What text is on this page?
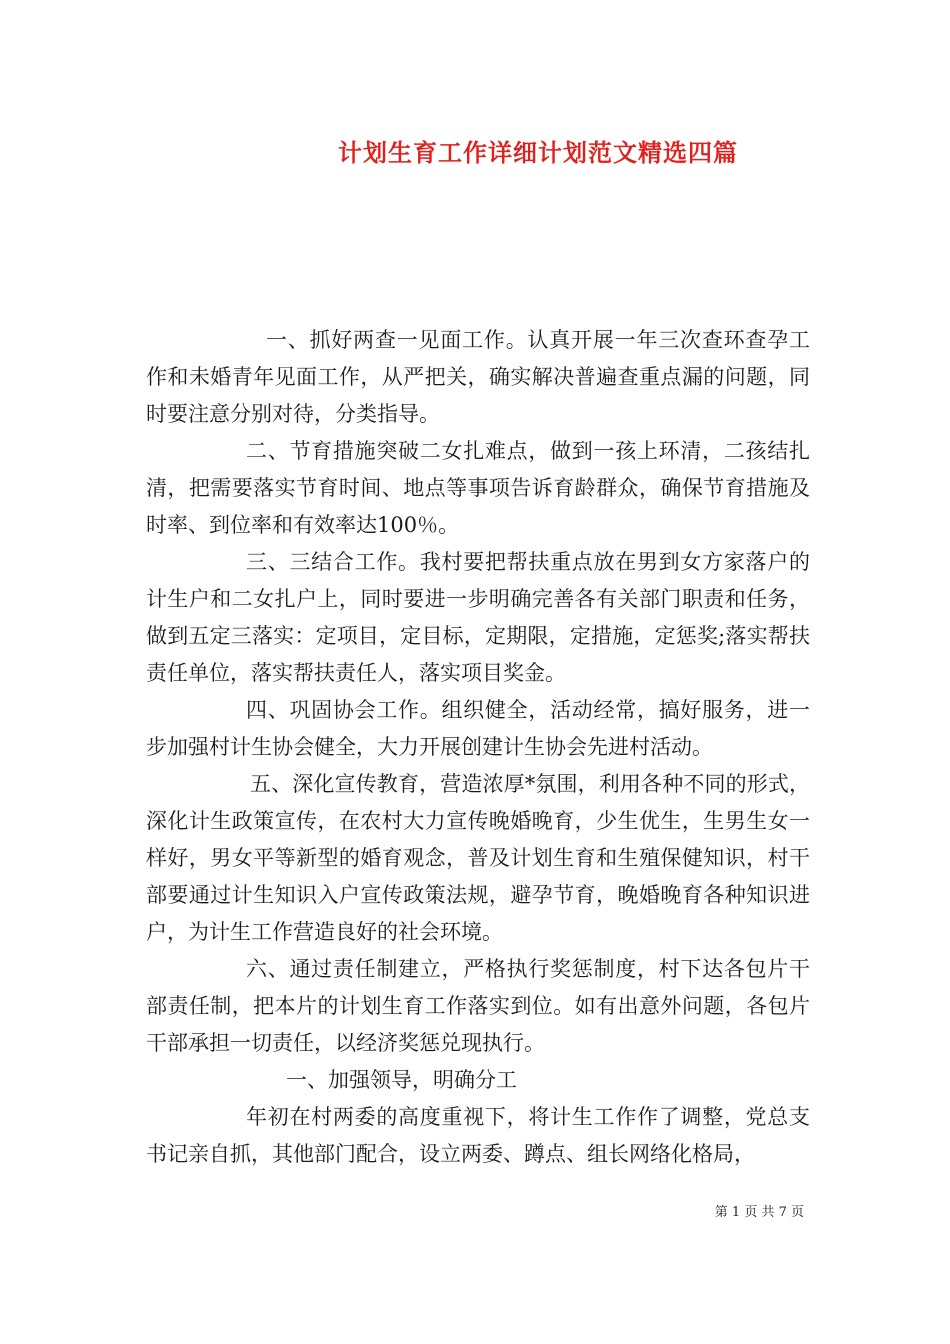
计划生育工作详细计划范文精选四篇

一、抓好两查一见面工作。认真开展一年三次查环查孕工作和未婚青年见面工作，从严把关，确实解决普遍查重点漏的问题，同时要注意分别对待，分类指导。

二、节育措施突破二女扎难点，做到一孩上环清，二孩结扎清，把需要落实节育时间、地点等事项告诉育龄群众，确保节育措施及时率、到位率和有效率达100％。

三、三结合工作。我村要把帮扶重点放在男到女方家落户的计生户和二女扎户上，同时要进一步明确完善各有关部门职责和任务，做到五定三落实：定项目，定目标，定期限，定措施，定惩奖;落实帮扶责任单位，落实帮扶责任人，落实项目奖金。

四、巩固协会工作。组织健全，活动经常，搞好服务，进一步加强村计生协会健全，大力开展创建计生协会先进村活动。

五、深化宣传教育，营造浓厚*氛围，利用各种不同的形式，深化计生政策宣传，在农村大力宣传晚婚晚育，少生优生，生男生女一样好，男女平等新型的婚育观念，普及计划生育和生殖保健知识，村干部要通过计生知识入户宣传政策法规，避孕节育，晚婚晚育各种知识进户，为计生工作营造良好的社会环境。

六、通过责任制建立，严格执行奖惩制度，村下达各包片干部责任制，把本片的计划生育工作落实到位。如有出意外问题，各包片干部承担一切责任，以经济奖惩兑现执行。

一、加强领导，明确分工

年初在村两委的高度重视下，将计生工作作了调整，党总支书记亲自抓，其他部门配合，设立两委、蹲点、组长网络化格局，

第 1 页 共 7 页
